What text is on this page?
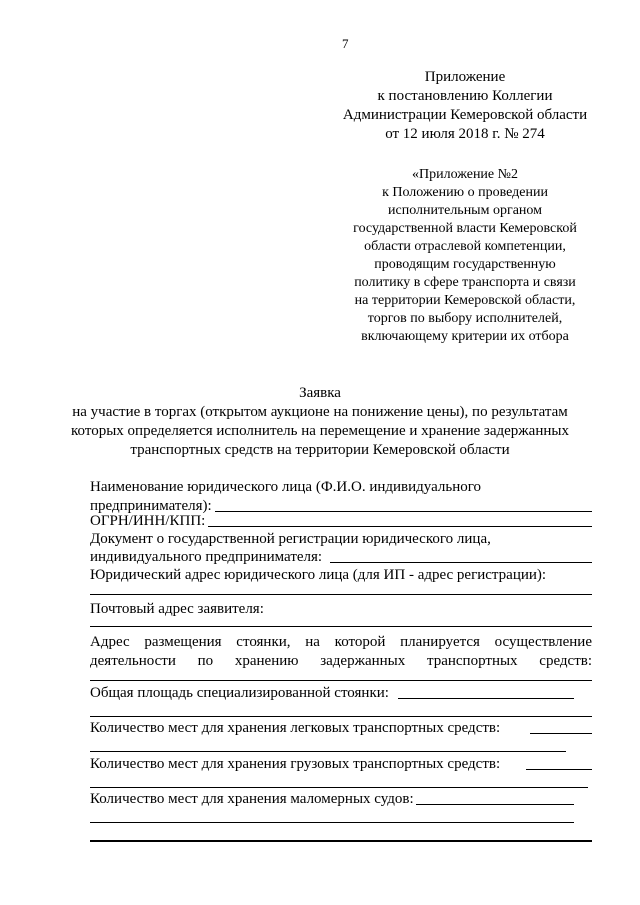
7
Приложение
к постановлению Коллегии
Администрации Кемеровской области
от 12 июля 2018 г. № 274
«Приложение №2
к Положению о проведении
исполнительным органом
государственной власти Кемеровской
области отраслевой компетенции,
проводящим государственную
политику в сфере транспорта и связи
на территории Кемеровской области,
торгов по выбору исполнителей,
включающему критерии их отбора
Заявка
на участие в торгах (открытом аукционе на понижение цены), по результатам
которых определяется исполнитель на перемещение и хранение задержанных
транспортных средств на территории Кемеровской области
Наименование юридического лица (Ф.И.О. индивидуального
предпринимателя):
ОГРН/ИНН/КПП:
Документ о государственной регистрации юридического лица,
индивидуального предпринимателя:
Юридический адрес юридического лица (для ИП - адрес регистрации):
Почтовый адрес заявителя:
Адрес размещения стоянки, на которой планируется осуществление
деятельности по хранению задержанных транспортных средств:
Общая площадь специализированной стоянки:
Количество мест для хранения легковых транспортных средств:
Количество мест для хранения грузовых транспортных средств:
Количество мест для хранения маломерных судов:
